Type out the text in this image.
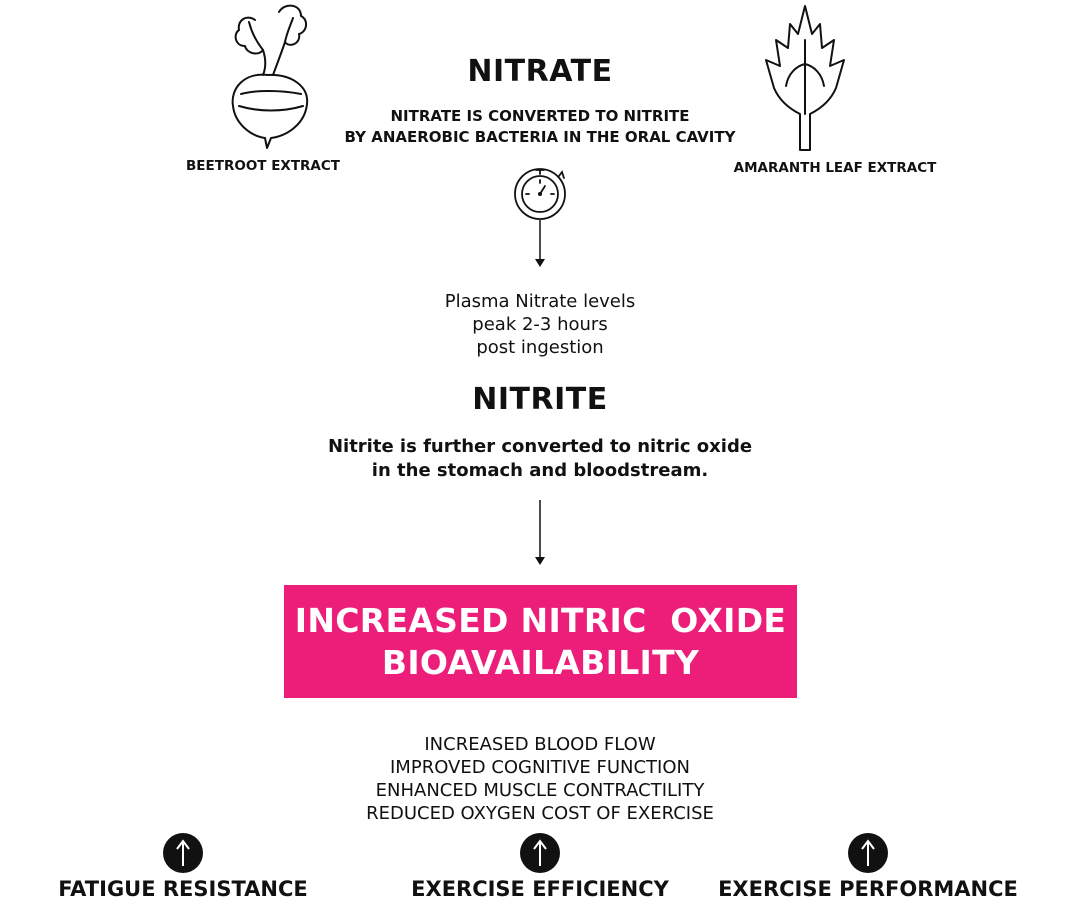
BEETROOT EXTRACT	AMARANTH LEAF EXTRACT
NITRATE
NITRATE IS CONVERTED TO NITRITE
BY ANAEROBIC BACTERIA IN THE ORAL CAVITY
Plasma Nitrate levels
peak 2-3 hours
post ingestion
NITRITE
Nitrite is further converted to nitric oxide
in the stomach and bloodstream.
INCREASED NITRIC  OXIDE
BIOAVAILABILITY
INCREASED BLOOD FLOW
IMPROVED COGNITIVE FUNCTION
ENHANCED MUSCLE CONTRACTILITY
REDUCED OXYGEN COST OF EXERCISE
FATIGUE RESISTANCE	EXERCISE EFFICIENCY	EXERCISE PERFORMANCE
